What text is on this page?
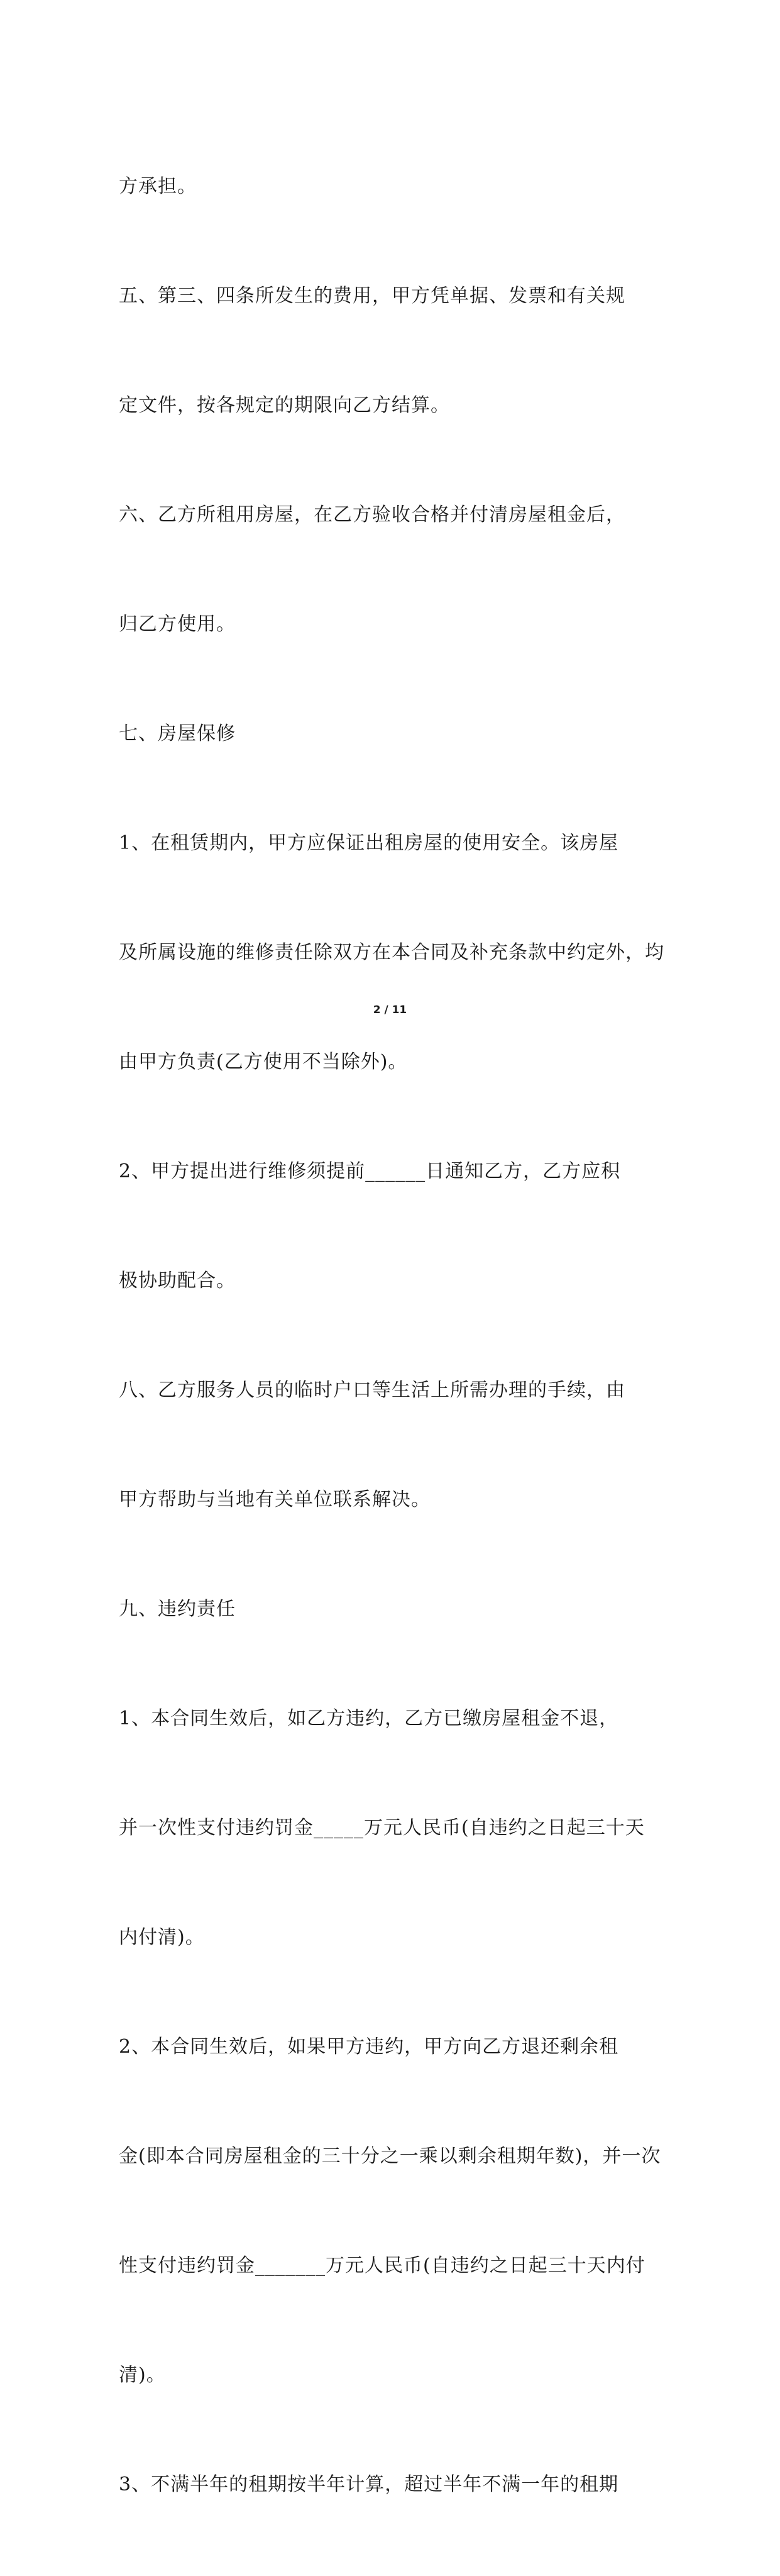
方承担。

五、第三、四条所发生的费用，甲方凭单据、发票和有关规

定文件，按各规定的期限向乙方结算。

六、乙方所租用房屋，在乙方验收合格并付清房屋租金后，

归乙方使用。

七、房屋保修

1、在租赁期内，甲方应保证出租房屋的使用安全。该房屋

及所属设施的维修责任除双方在本合同及补充条款中约定外，均

由甲方负责(乙方使用不当除外)。

2、甲方提出进行维修须提前______日通知乙方，乙方应积

极协助配合。

八、乙方服务人员的临时户口等生活上所需办理的手续，由

甲方帮助与当地有关单位联系解决。

九、违约责任

1、本合同生效后，如乙方违约，乙方已缴房屋租金不退，

并一次性支付违约罚金_____万元人民币(自违约之日起三十天

内付清)。

2、本合同生效后，如果甲方违约，甲方向乙方退还剩余租

金(即本合同房屋租金的三十分之一乘以剩余租期年数)，并一次

性支付违约罚金_______万元人民币(自违约之日起三十天内付

清)。

3、不满半年的租期按半年计算，超过半年不满一年的租期

2 / 11
